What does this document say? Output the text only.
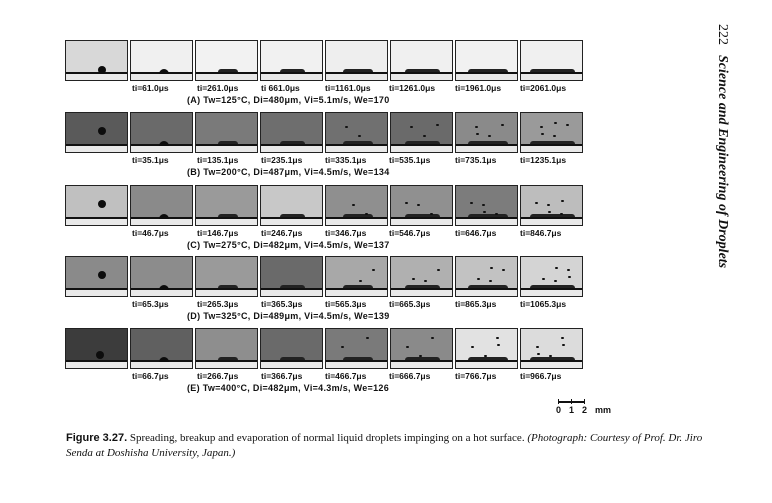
ti=61.0μs	ti=261.0μs	ti 661.0μs	ti=1161.0μs ti=1261.0μs ti=1961.0μs ti=2061.0μs
(A) Tw=125°C, Di=480μm, Vi=5.1m/s, We=170
ti=35.1μs	ti=135.1μs	ti=235.1μs	ti=335.1μs	ti=535.1μs	ti=735.1μs	ti=1235.1μs
(B) Tw=200°C, Di=487μm, Vi=4.5m/s, We=134
ti=46.7μs	ti=146.7μs	ti=246.7μs	ti=346.7μs	ti=546.7μs	ti=646.7μs	ti=846.7μs
(C) Tw=275°C, Di=482μm, Vi=4.5m/s, We=137
ti=65.3μs	ti=265.3μs	ti=365.3μs	ti=565.3μs	ti=665.3μs	ti=865.3μs	ti=1065.3μs
(D) Tw=325°C, Di=489μm, Vi=4.5m/s, We=139
ti=66.7μs	ti=266.7μs	ti=366.7μs	ti=466.7μs	ti=666.7μs	ti=766.7μs	ti=966.7μs
(E) Tw=400°C, Di=482μm, Vi=4.3m/s, We=126
0 1 2 mm
222Science and Engineering of Droplets
Figure 3.27. Spreading, breakup and evaporation of normal liquid droplets impinging on a hot surface. (Photograph: Courtesy of Prof. Dr. Jiro Senda at Doshisha University, Japan.)
